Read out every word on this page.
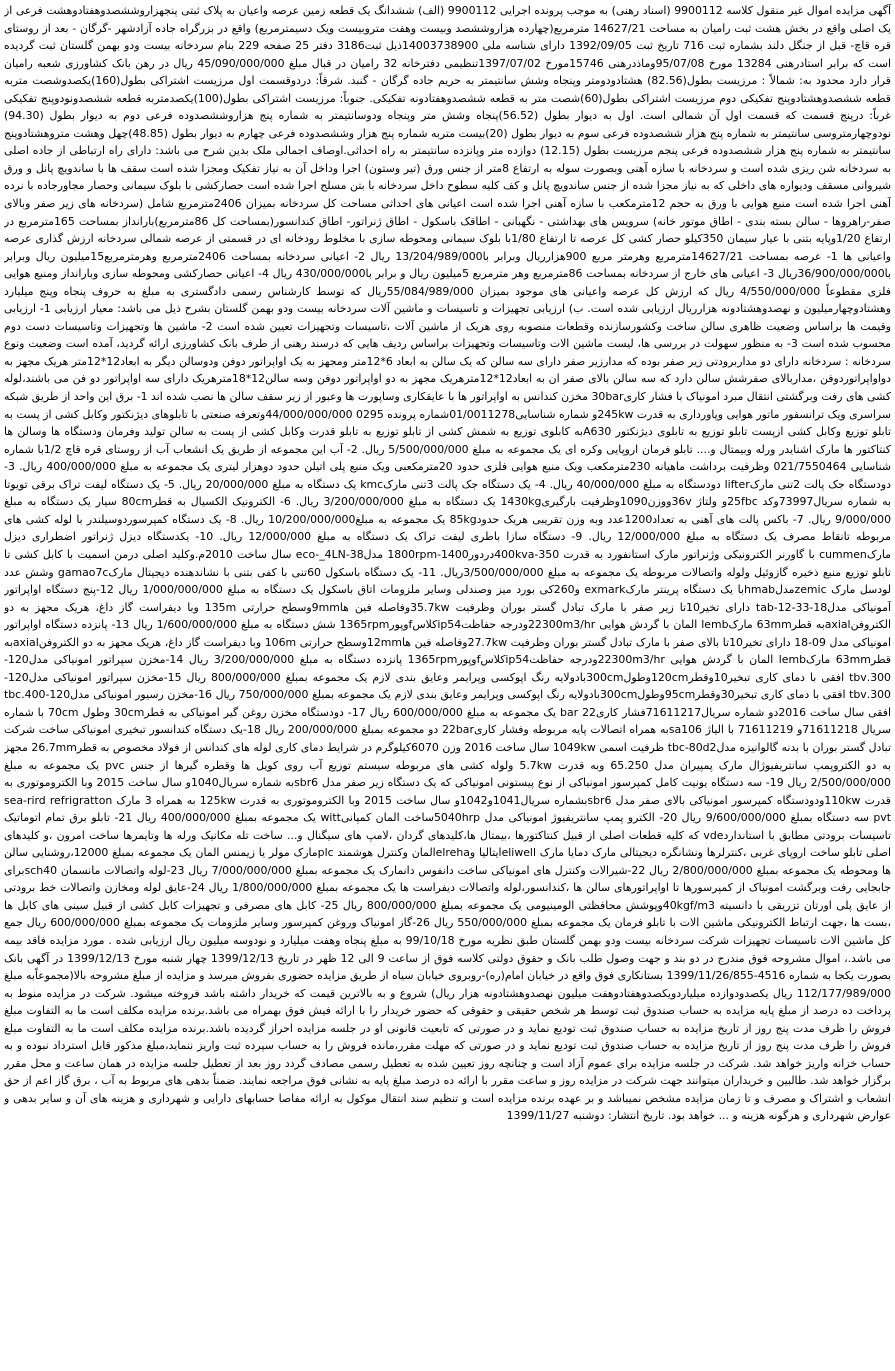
آگهی مزایده اموال غیر منقول کلاسه 9900112 (اسناد رهنی) به موجب پرونده اجرایی 9900112 (الف) ششدانگ یک قطعه زمین عرصه واعیان به پلاک ثبتی پنجهزاروششصدوهفتادوهشت فرعی از یک اصلی واقع در بخش هشت ثبت رامیان به مساحت 14627/21 مترمربع(چهارده هزاروششصد وبیست وهفت متروبیست ویک دسیمترمربع) واقع در بزرگراه جاده آزادشهر -گرگان - بعد از روستای قره قاچ- قبل از جنگل دلند بشماره ثبت 716 تاریخ ثبت 1392/09/05 دارای شناسه ملی 14003738900ذیل ثبت3186 دفتر 25 صفحه 229 بنام سردخانه بیست ودو بهمن گلستان ثبت گردیده است که برابر استادرهنی 13284 مورخ 95/07/08وماذدرهنی 15746مورخ 1397/07/02تنظیمی دفترخانه 32 رامیان در قبال مبلغ 45/090/000/000 ریال در رهن بانک کشاورزی شعبه رامیان قرار دارد محدود به: شمالاً : مرزیست بطول(82.56) هشتادودومتر وپنجاه وشش سانتیمتر به حریم جاده گرگان - گنبد. شرقاً: دردوقسمت اول مرزیست اشتراکی بطول(160)یکصدوشصت متربه قطعه ششصدوهشتادوپنج تفکیکی دوم مرزیست اشتراکی بطول(60)شصت متر به قطعه ششصدوهفتادونه تفکیکی. جنوباً: مرزیست اشتراکی بطول(100)یکصدمتربه قطعه ششصدونودوپنج تفکیکی غرباً: درپنج قسمت که قسمت اول آن شمالی است. اول به دیوار بطول (56.52)پنجاه وشش متر وپنجاه ودوسانتیمتر به شماره پنج هزاروششصدوده فرعی دوم به دیوار بطول (94.30) نودوچهارمتروسی سانتیمتر به شماره پنج هزار ششصدوده فرعی سوم به دیوار بطول (20)بیست متربه شماره پنج هزار وششصدوده فرعی چهارم به دیوار بطول (48.85)چهل وهشت متروهشتادوپنج سانتیمتر به شماره پنج هزار ششصدوده فرعی پنجم مرزیست بطول (12.15) دوازده متر وپانزده سانتیمتر به راه احداثی.اوصاف اجمالی ملک بدین شرح می باشد: دارای راه ارتباطی از جاده اصلی به سردخانه شن ریزی شده است و سردخانه با سازه آهنی وبصورت سوله به ارتفاع 8متر از جنس ورق (تیر وستون) اجرا وداخل آن به نیاز تفکیک ومجزا شده است سقف ها با ساندویچ پانل و ورق شیروانی مسقف ودیواره های داخلی که به نیاز مجزا شده از جنس ساندویچ پانل و کف کلیه سطوح داخل سردخانه با بتن مسلح اجرا شده است حصارکشی با بلوک سیمانی وحصار مجاورجاده با نرده آهنی اجرا شده است منبع هوایی با ورق به حجم 12مترمکعب با سازه آهنی اجرا شده است اعیانی های احداثی مساحت کل سردخانه بمیزان 2406مترمربع شامل (سردخانه های زیر صفر وبالای صفر-راهروها - سالن بسته بندی - اطاق موتور خانه) سرویس های بهداشتی - نگهبانی - اطاقک باسکول - اطاق ژنراتور- اطاق کندانسور(بمساحت کل 86مترمربع)بارانداز بمساحت 165مترمربع در ارتفاع 1/20وپایه بتنی با عیار سیمان 350کیلو حصار کشی کل عرصه تا ارتفاع 1/80با بلوک سیمانی ومحوطه سازی با مخلوط رودخانه ای در قسمتی از عرصه شمالی سردخانه ارزش گذاری عرصه واعیانی ها 1- عرصه بمساحت 14627/21مترمربع وهرمتر مربع 900هزارریال وبرابر با13/204/989/000 ریال 2- اعیانی سردخانه بمساحت 2406مترمربع وهرمترمربع15میلیون ریال وبرابر با36/900/000/000ریال 3- اعیانی های خارج از سردخانه بمساحت 86مترمربع وهر مترمربع 5میلیون ریال و برابر با430/000/000 ریال 4- اعیانی حصارکشی ومحوطه سازی وبارانداز ومنبع هوایی فلزی مقطوعاً 4/550/000/000 ریال که ارزش کل عرصه واعیانی های موجود بمیزان 55/084/989/000ریال که توسط کارشناس رسمی دادگستری به مبلغ به حروف پنجاه وپنج میلیارد وهشتادوچهارمیلیون و نهصدوهشتادونه هزارریال ارزیابی شده است. ب) ارزیابی تجهیزات و تاسیسات و ماشین آلات سردخانه بیست ودو بهمن گلستان بشرح ذیل می باشد: معیار ارزیابی 1- ارزیابی وقیمت ها براساس وضعیت ظاهری سالن ساخت وکشورسازنده وقطعات منصوبه روی هریک از ماشین آلات ،تاسیسات وتجهیزات تعیین شده است 2- ماشین ها وتجهیزات وتاسیسات دست دوم محسوب شده است 3- به منظور سهولت در بررسی ها، لیست ماشین الات وتاسیسات وتجهیزات براساس ردیف هایی که درسند رهنی از طرف بانک کشاورزی ارائه گردید، آمده است وضعیت ونوع سردخانه : سردخانه دارای دو مداربرودتی زیر صفر بوده که مدارزیر صفر دارای سه سالن که یک سالن به ابعاد 6*12متر ومجهز به یک اواپراتور دوفن ودوسالن دیگر به ابعاد12*12متر هریک مجهز به دواواپراتوردوفن ،مداربالای صفرشش سالن دارد که سه سالن بالای صفر ان به ابعاد12*12مترهریک مجهز به دو اواپراتور دوفن وسه سالن12*18مترهریک دارای سه اواپراتور دو فن می باشند،لوله کشی های رفت وبرگشتی انتقال مبرد امونیاک با فشار کاری30bar مخزن کندانس به اواپراتور ها با عایقکاری وساپورت ها وعبور از زیر سقف سالن ها نصب شده اند 1- برق این واحد از طریق شبکه سراسری ویک ترانسفور ماتور هوایی وپاورداری به قدرت 245kwو شماره شناسایی01/0011278شماره پرونده 0295 44/000/000/000وتعرفه صنعتی با تابلوهای دیژنکتور وکابل کشی از پست به تابلو توزیع وکابل کشی ازپست تابلو توزیع به تابلوی دیژنکتور A630به کابلوی توزیع به شمش کشی از تابلو توزیع به تابلو قدرت وکابل کشی از پست به سالن تولید وفرمان ودستگاه ها وسالن ها کنتاکتور ها مارک اشنایدر ورله وبیمتال و.... تابلو فرمان اروپایی وکره ای یک مجموعه به مبلغ 5/500/000/000 ریال. 2- آب این مجموعه از طریق یک انشعاب آب از روستای قره قاچ 1/2با شماره شناسایی 021/7550464 وظرفیت برداشت ماهیانه 230مترمکعب ویک منبع هوایی فلزی حدود 20مترمکعبی ویک منبع پلی اتیلن حدود دوهزار لیتری یک مجموعه به مبلغ 400/000/000 ریال. 3- دودستگاه جک پالت 2تنی مارکlifter دودستگاه به مبلغ 40/000/000 ریال. 4- یک دستگاه جک پالت 3تنی مارکkmc یک دستگاه به مبلغ 20/000/000 ریال. 5- یک دستگاه لیفت تراک برقی تویوتا به شماره سریال73997وکد 25fbcو ولتاژ 36vووزن1090وظرفیت بارگیری1430kg یک دستگاه به مبلغ 3/200/000/000 ریال. 6- الکترونیک الکسیال به قطر80cm سیار یک دستگاه به مبلغ 9/000/000 ریال. 7- باکس پالت های آهنی به تعداد1200عدد وبه وزن تقریبی هریک حدود85kg یک مجموعه به مبلغ10/200/000/000 ریال. 8- یک دستگاه کمپرسوردوسیلندر با لوله کشی های مربوطه تانقاط مصرف یک دستگاه به مبلغ 12/000/000 ریال. 9- دستگاه سازا باطری لیفت تراک یک دستگاه به مبلغ 12/000/000 ریال. 10- یکدستگاه دیزل ژنراتور اضطراری دیزل مارکcummen با گاورنر الکترونیکی وژنراتور مارک استانفورد به قدرت 400kva-350دردور1400-1800rpm مدل38-eco-_4LN سال ساخت 2010م.وکلید اصلی درمن اسمیت با کابل کشی تا تابلو توزیع منبع ذخیره گازوئیل ولوله واتصالات مربوطه یک مجموعه به مبلغ 3/500/000/000ریال. 11- یک دستگاه باسکول 60تنی با کفی بتنی با نشاندهنده دیجیتال مارکgamao7c وشش عدد لودسل مارک zemicمدلhmabبا یک دستگاه پرینتر مارکexmark و260کی بورد میز وصندلی وسایر ملزومات اتاق باسکول یک دستگاه به مبلغ 1/000/000/000 ریال 12-پنج دستگاه اواپراتور آمونیاکی مدل18-33-12-tab دارای تخیر10تا زیر صفر با مارک تبادل گستر بوران وظرفیت 35.7kwوفاصله فین ها9mmوسطح حرارتی 135m وبا دیفراست گاز داغ، هریک مجهز به دو الکتروفنaxialبه قطر63mm مارکlemb المان با گردش هوایی 22300m3/hrودرجه حفاظتip54کلاسfوپور1365rpm شش دستگاه به مبلغ 1/600/000/000 ریال 13- پانزده دستگاه اواپراتور امونیاکی مدل 09-18 دارای تخیر10تا بالای صفر با مارک تبادل گستر بوران وظرفیت 27.7kwوفاصله فین ها12mmوسطح حرارتی 106m وبا دیفراست گاز داغ، هریک مجهز به دو الکتروفنaxialبه قطر63mm مارکlemb المان با گردش هوایی 22300m3/hrودرجه حفاظتip54کلاسfوپور1365rpm پانزده دستگاه به مبلغ 3/200/000/000 ریال 14-مخزن سپراتور امونیاکی مدل120-300.tbv افقی با دمای کاری تبخیر10وقطر120cmوطول300cmبادولایه رنگ اپوکسی وپرایمر وعایق بندی لازم یک مجموعه بمبلغ 800/000/000 ریال 15-مخزن سپراتور امونیاکی مدل120-300.tbv افقی با دمای کاری تبخیر30وقطر95cmوطول300cmبادولایه رنگ اپوکسی وپرایمر وعایق بندی لازم یک مجموعه بمبلغ 750/000/000 ریال 16-مخزن رسیور امونیاکی مدل120-400.tbc افقی سال ساخت 2016دو شماره سریال71611217فشار کاری22 bar یک مجموعه به مبلغ 600/000/000 ریال 17- دودستگاه مخزن روغن گیر امونیاکی به قطر30cm وطول 70cm با شماره سریال 71611218و 71611219 با الیاژ sa106به همراه اتصالات پایه مربوطه وفشار کاری22bar دو مجموعه بمبلغ 200/000/000 ریال 18-یک دستگاه کندانسور تبخیری امونیاکی ساخت شرکت تبادل گستر بوران با بدنه گالوانیزه مدلtbc-80d2 ظرفیت اسمی 1049kw سال ساخت 2016 وزن 6070کیلوگرم در شرایط دمای کاری لوله های کندانس از فولاد مخصوص به قطر26.7mm مجهز به دو الکتروپمپ سانتریفیوژال مارک پمپیران مدل 65.250 وبه قدرت 5.7kw ولوله کشی های مربوطه سیستم توزیع آب روی کویل ها وقطره گیرها از جنس pvc یک مجموعه به مبلغ 2/500/000/000 ریال 19- سه دستگاه یونیت کامل کمپرسور امونیاکی از نوع پیستونی امونیاکی که یک دستگاه زیر صفر مدل sbr6به شماره سریال1040و سال ساخت 2015 وبا الکتروموتوری به قدرت 110kwودودستگاه کمپرسور امونیاکی بالای صفر مدل sbr6بشماره سریال1041و1042و سال ساخت 2015 وبا الکتروموتوری به قدرت 125kw به همراه 3 مارک sea-rird refrigratton pvt سه دستگاه بمبلغ 9/600/000/000 ریال 20- الکترو پمپ سانتریفیوژ امونیاکی مدل 5040hrpساخت المان کمپانیwitt یک مجموعه بمبلغ 400/000/000 ریال 21- تابلو برق تمام اتوماتیک تاسیسات برودتی مطابق با استانداردvde که کلیه قطعات اصلی از قبیل کنتاکتورها ،بیمتال ها،کلیدهای گردان ،لامپ های سیگنال و... ساخت تله مکانیک ورله ها وتایمرها ساخت امرون ،و کلیدهای اصلی تابلو ساخت اروپای غربی ،کنترلرها ونشانگره دیجیتالی مارک دمایا مارک eliwellایتالیا وelrehaالمان وکنترل هوشمند plcمارک مولر یا زیمنس المان یک مجموعه بمبلغ 12000،روشنایی سالن ها ومحوطه یک مجموعه بمبلغ 2/800/000/000 ریال 22-شیرالات وکنترل های امونیاکی ساخت دانفوس دانمارک یک مجموعه بمبلغ 7/000/000/000 ریال 23-لوله واتصالات مانسمان sch40برای جابجایی رفت وبرگشت امونیاک از کمپرسورها تا اواپراتورهای سالن ها ،کندانسور،لوله واتصالات دیفراست ها یک مجموعه بمبلغ 1/800/000/000 ریال 24-عایق لوله ومخازن واتصالات خط برودتی از عایق پلی اورتان تزریقی با دانسیته 40kgf/m3وپوشش محافظتی الومینیومی یک مجموعه بمبلغ 800/000/000 ریال 25- کابل های مصرفی و تجهیزات کابل کشی از قبیل سینی های کابل ها ،بست ها ،جهت ارتباط الکترونیکی ماشین الات با تابلو فرمان یک مجموعه بمبلغ 550/000/000 ریال 26-گاز امونیاک وروغن کمپرسور وسایر ملزومات یک مجموعه بمبلغ 600/000/000 ریال جمع کل ماشین الات تاسیسات تجهیزات شرکت سردخانه بیست ودو بهمن گلستان طبق نظریه مورخ 99/10/18 به مبلغ پنجاه وهفت میلیارد و نودوسه میلیون ریال ارزیابی شده . مورد مزایده فاقد بیمه می باشد.، اموال مشروحه فوق مندرج در دو بند و جهت وصول طلب بانک و حقوق دولتی کلاسه فوق از ساعت 9 الی 12 ظهر در تاریخ 1399/12/13 چهار شنبه مورخ 1399/12/13 در آگهی بانک بصورت یکجا به شماره 4516-1399/11/26/855 بستانکاری فوق واقع در خیابان امام(ره)-روبروی خیابان سیاه از طریق مزایده حضوری بفروش میرسد و مزایده از مبلغ مشروحه بالا(مجموعاًبه مبلغ 112/177/989/000 ریال یکصدودوازده میلیاردویکصدوهفتادوهفت میلیون نهصدوهشتادونه هزار ریال) شروع و به بالاترین قیمت که خریدار داشته باشد فروخته میشود. شرکت در مزایده منوط به پرداخت ده درصد از مبلغ پایه مزایده به حساب صندوق ثبت توسط هر شخص حقیقی و حقوقی که حضور خریدار را با ارائه فیش فوق بهمراه می باشد.برنده مزایده مکلف است ما به التفاوت مبلغ فروش را ظرف مدت پنج روز از تاریخ مزایده به حساب صندوق ثبت تودیع نماید و در صورتی که تابعیت قانونی او در جلسه مزایده احراز گردیده باشد.برنده مزایده مکلف است ما به التفاوت مبلغ فروش را ظرف مدت پنج روز از تاریخ مزایده به حساب صندوق ثبت تودیع نماید و در صورتی که مهلت مقرر،مانده فروش را به حساب سپرده ثبت واریز ننماید،مبلغ مذکور قابل استرداد نبوده و به حساب خزانه واریز خواهد شد. شرکت در جلسه مزایده برای عموم آزاد است و چنانچه روز تعیین شده به تعطیل رسمی مصادف گردد روز بعد از تعطیل جلسه مزایده در همان ساعت و محل مقرر برگزار خواهد شد. طالبین و خریداران میتوانند جهت شرکت در مزایده روز و ساعت مقرر با ارائه ده درصد مبلغ پایه به نشانی فوق مراجعه نمایند. ضمناً بدهی های مربوط به آب ، برق گاز اعم از حق انشعاب و اشتراک و مصرف و تا زمان مزایده مشخص نمیباشد و بر عهده برنده مزایده است و تنظیم سند انتقال موکول به ارائه مفاصا حسابهای دارایی و شهرداری و هزینه های آن و سایر بدهی و عوارض شهرداری و هرگونه هزینه و ... خواهد بود. تاریخ انتشار: دوشنبه 1399/11/27
